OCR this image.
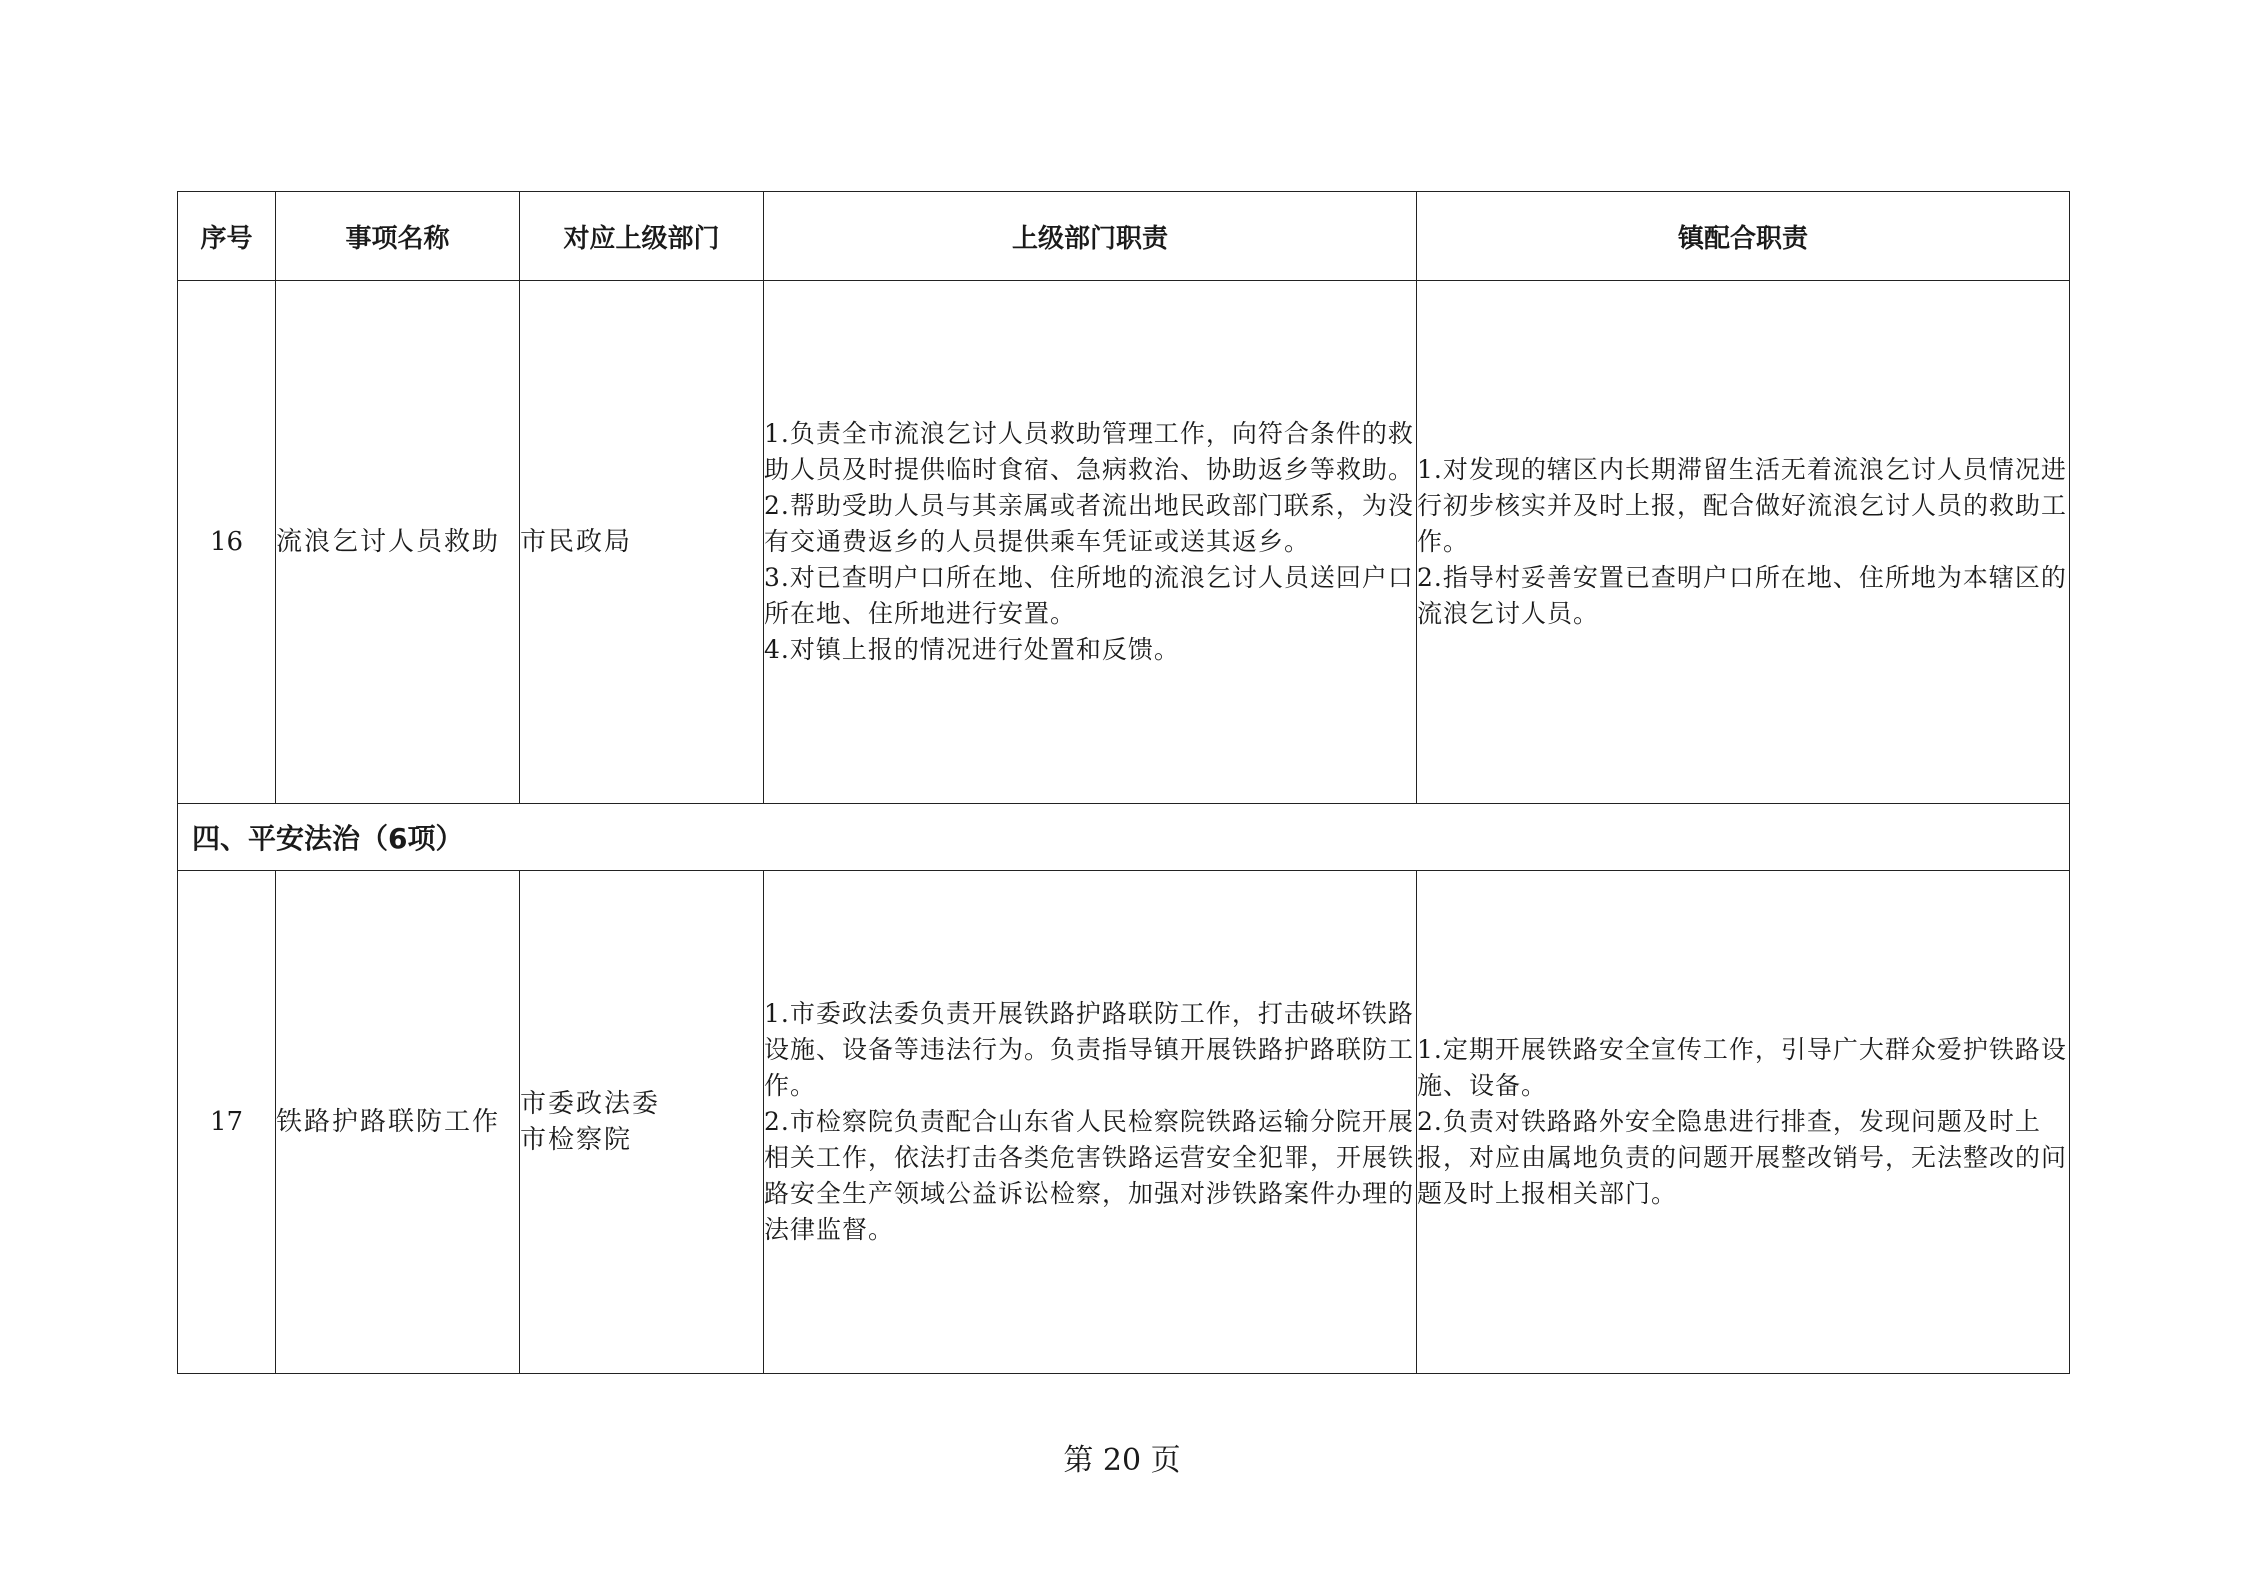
序号	事项名称	对应上级部门	上级部门职责	镇配合职责
16	流浪乞讨人员救助	市民政局	1.负责全市流浪乞讨人员救助管理工作，向符合条件的救助人员及时提供临时食宿、急病救治、协助返乡等救助。
2.帮助受助人员与其亲属或者流出地民政部门联系，为没有交通费返乡的人员提供乘车凭证或送其返乡。
3.对已查明户口所在地、住所地的流浪乞讨人员送回户口所在地、住所地进行安置。
4.对镇上报的情况进行处置和反馈。	1.对发现的辖区内长期滞留生活无着流浪乞讨人员情况进行初步核实并及时上报，配合做好流浪乞讨人员的救助工作。
2.指导村妥善安置已查明户口所在地、住所地为本辖区的流浪乞讨人员。

四、平安法治（6项）				
17	铁路护路联防工作	市委政法委
市检察院	1.市委政法委负责开展铁路护路联防工作，打击破坏铁路设施、设备等违法行为。负责指导镇开展铁路护路联防工作。
2.市检察院负责配合山东省人民检察院铁路运输分院开展相关工作，依法打击各类危害铁路运营安全犯罪，开展铁路安全生产领域公益诉讼检察，加强对涉铁路案件办理的法律监督。	1.定期开展铁路安全宣传工作，引导广大群众爱护铁路设施、设备。
2.负责对铁路路外安全隐患进行排查，发现问题及时上报，对应由属地负责的问题开展整改销号，无法整改的问题及时上报相关部门。
第 20 页
